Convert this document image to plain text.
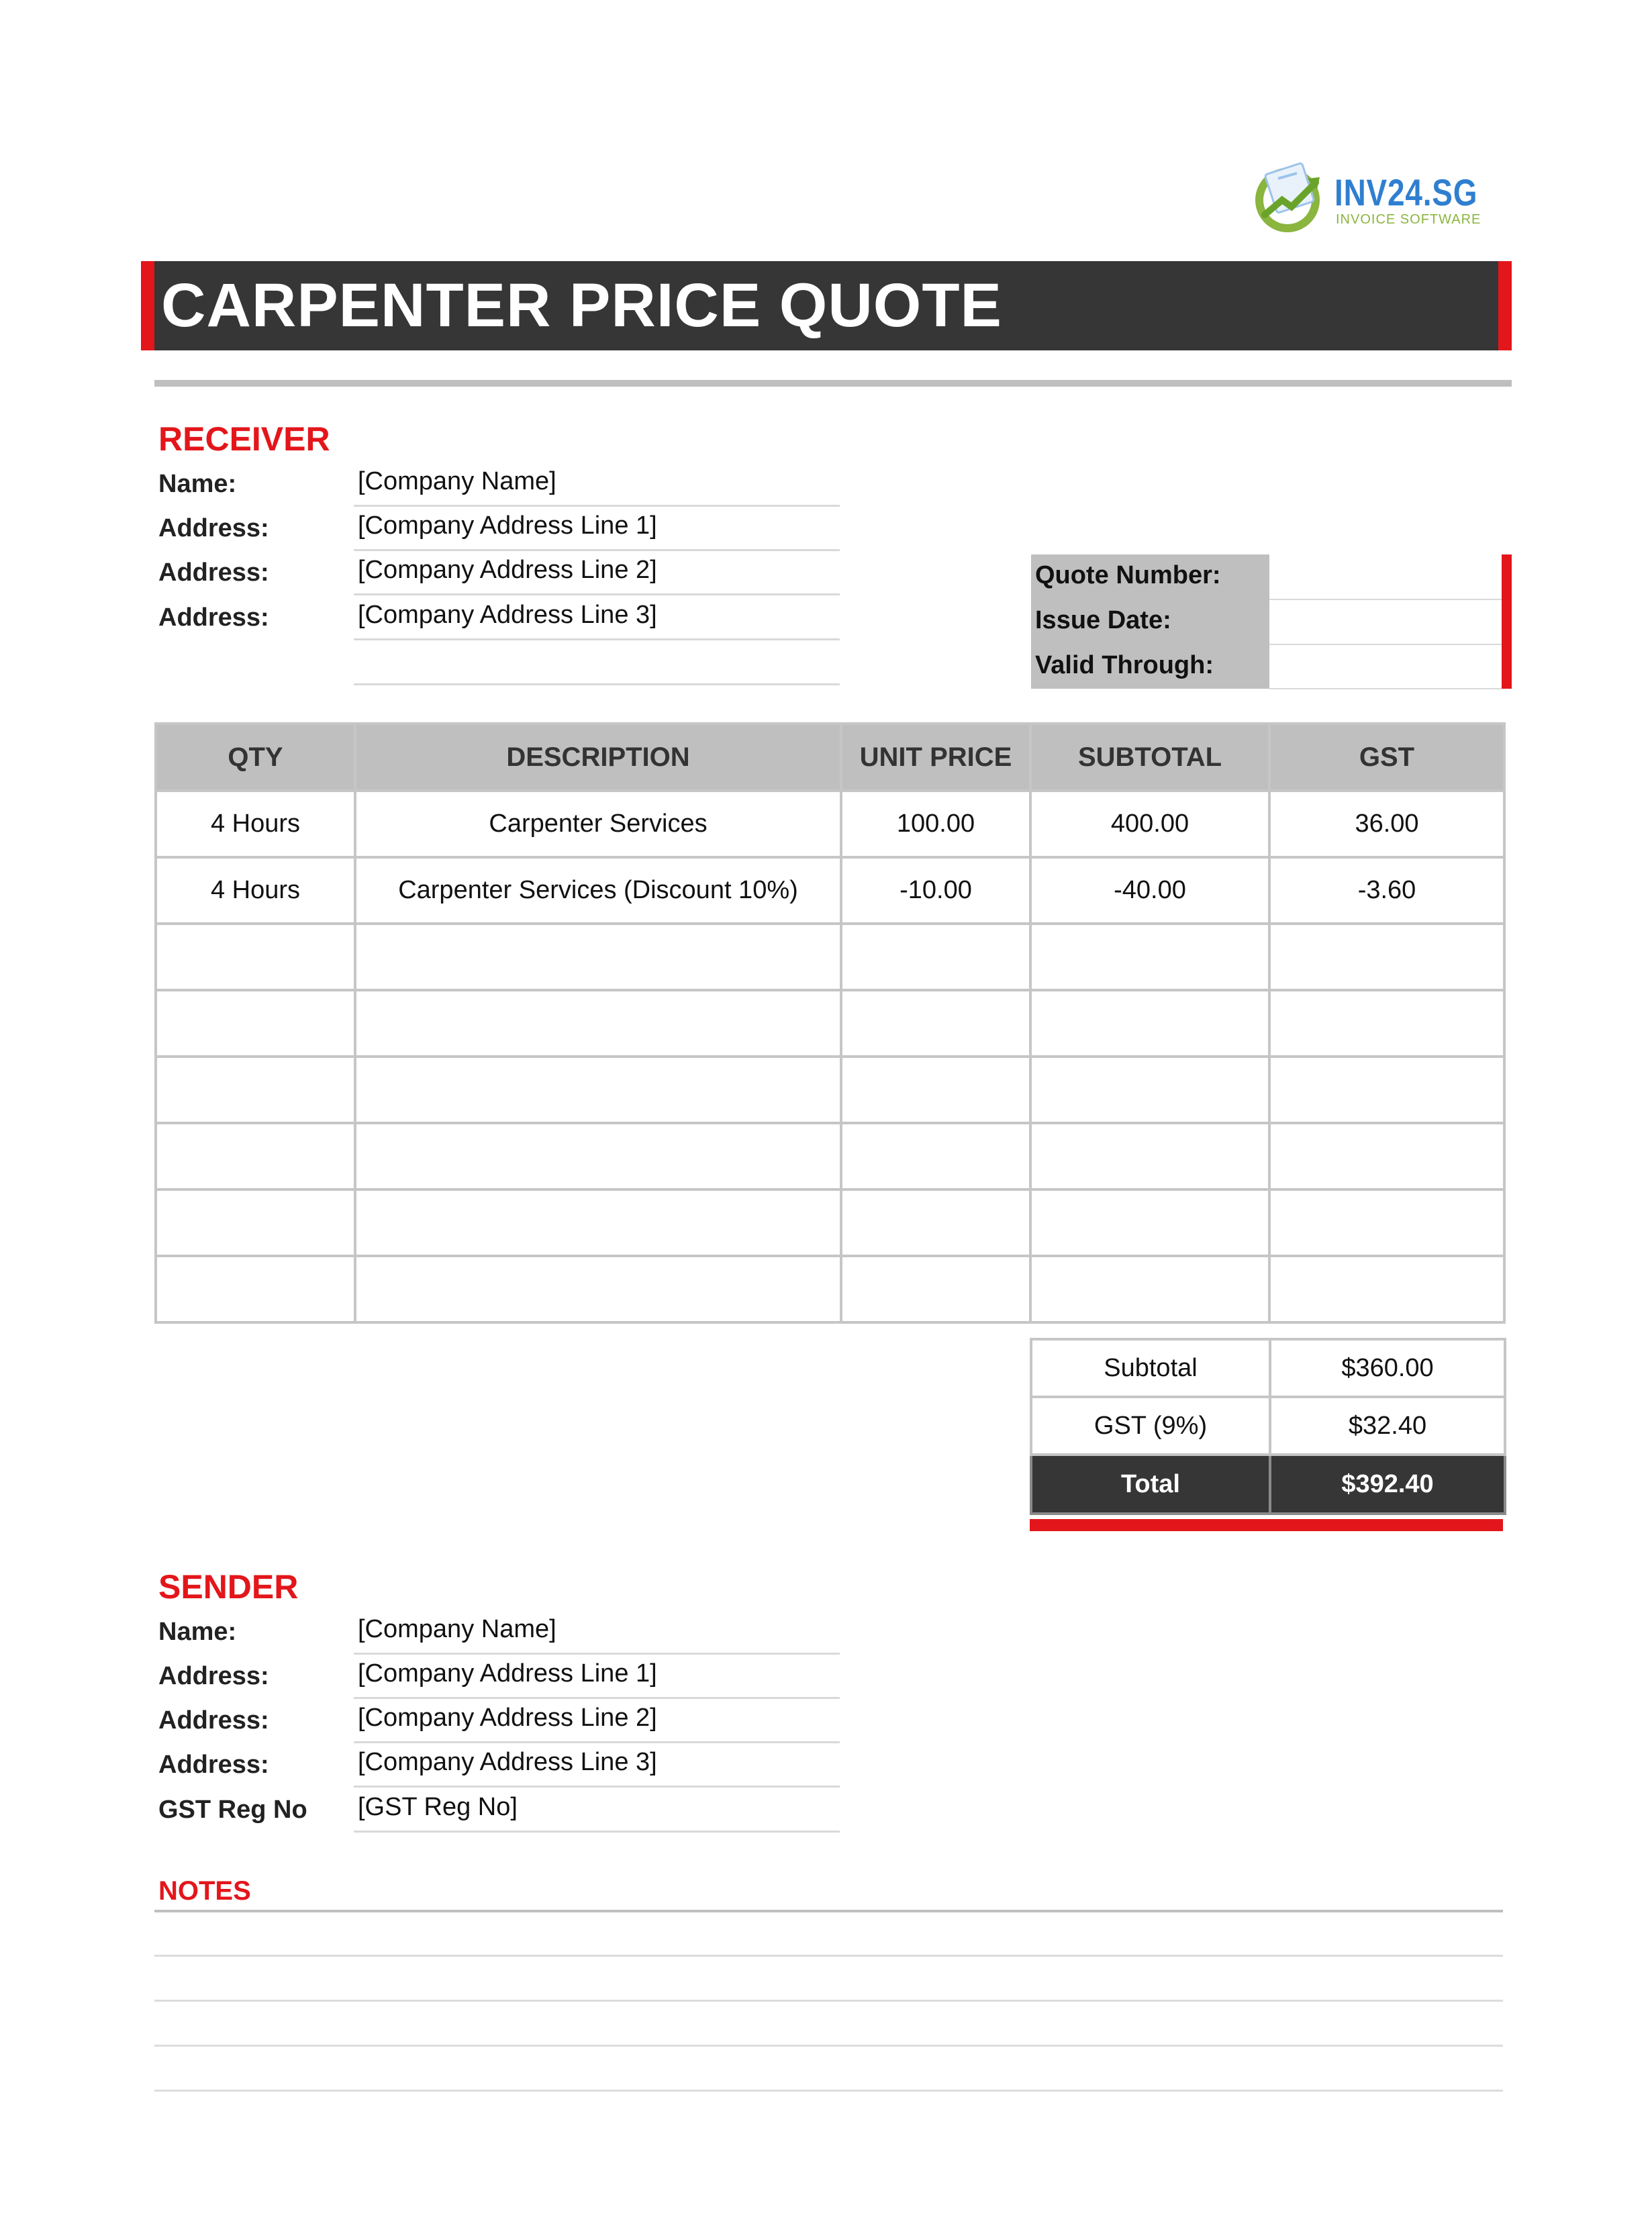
INV24.SG
INVOICE SOFTWARE
CARPENTER PRICE QUOTE
RECEIVER
Name:	[Company Name]
Address:	[Company Address Line 1]
Address:	[Company Address Line 2]
Address:	[Company Address Line 3]
Quote Number:
Issue Date:
Valid Through:
QTY	DESCRIPTION	UNIT PRICE	SUBTOTAL	GST
4 Hours	Carpenter Services	100.00	400.00	36.00
4 Hours	Carpenter Services (Discount 10%)	-10.00	-40.00	-3.60

Subtotal	$360.00
GST (9%)	$32.40
Total	$392.40
SENDER
Name:	[Company Name]
Address:	[Company Address Line 1]
Address:	[Company Address Line 2]
Address:	[Company Address Line 3]
GST Reg No [GST Reg No]
NOTES
